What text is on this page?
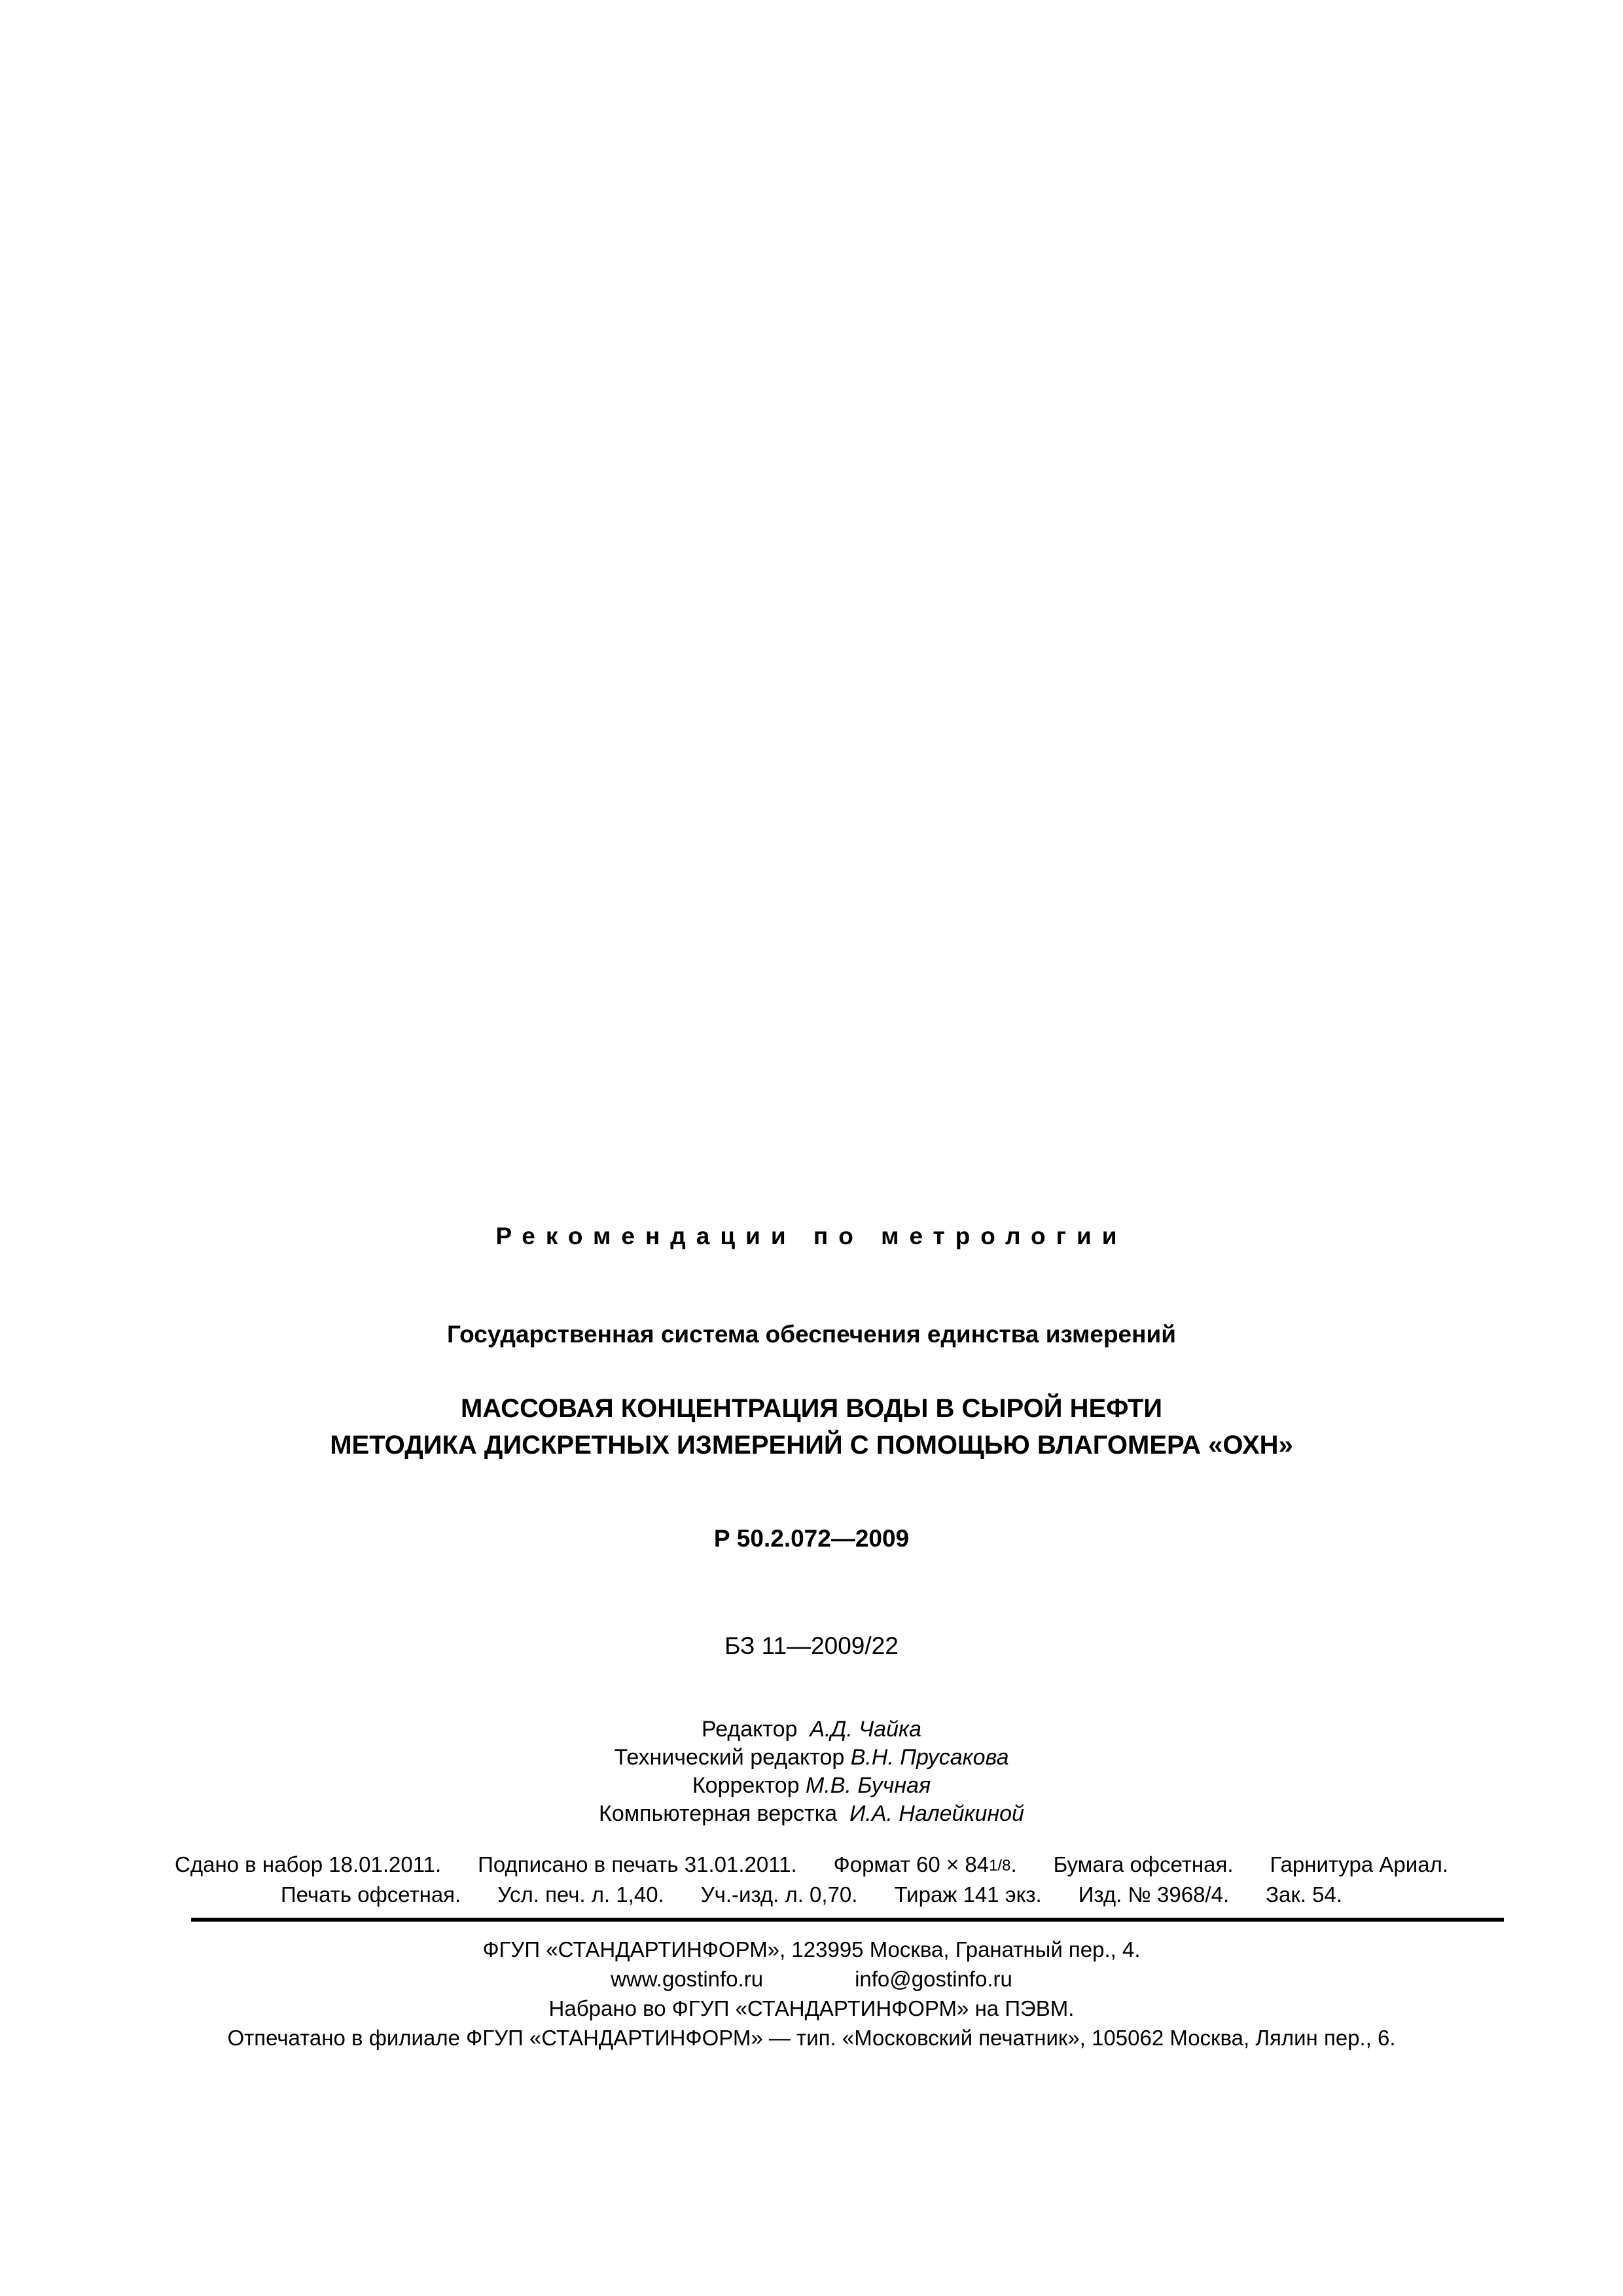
Рекомендации по метрологии
Государственная система обеспечения единства измерений
МАССОВАЯ КОНЦЕНТРАЦИЯ ВОДЫ В СЫРОЙ НЕФТИ
МЕТОДИКА ДИСКРЕТНЫХ ИЗМЕРЕНИЙ С ПОМОЩЬЮ ВЛАГОМЕРА «ОХН»
Р 50.2.072—2009
БЗ 11—2009/22
Редактор А.Д. Чайка
Технический редактор В.Н. Прусакова
Корректор М.В. Бучная
Компьютерная верстка И.А. Налейкиной
Сдано в набор 18.01.2011. Подписано в печать 31.01.2011. Формат 60 × 841/8. Бумага офсетная. Гарнитура Ариал.
Печать офсетная. Усл. печ. л. 1,40. Уч.-изд. л. 0,70. Тираж 141 экз. Изд. № 3968/4. Зак. 54.
ФГУП «СТАНДАРТИНФОРМ», 123995 Москва, Гранатный пер., 4.
www.gostinfo.ru	info@gostinfo.ru
Набрано во ФГУП «СТАНДАРТИНФОРМ» на ПЭВМ.
Отпечатано в филиале ФГУП «СТАНДАРТИНФОРМ» — тип. «Московский печатник», 105062 Москва, Лялин пер., 6.
